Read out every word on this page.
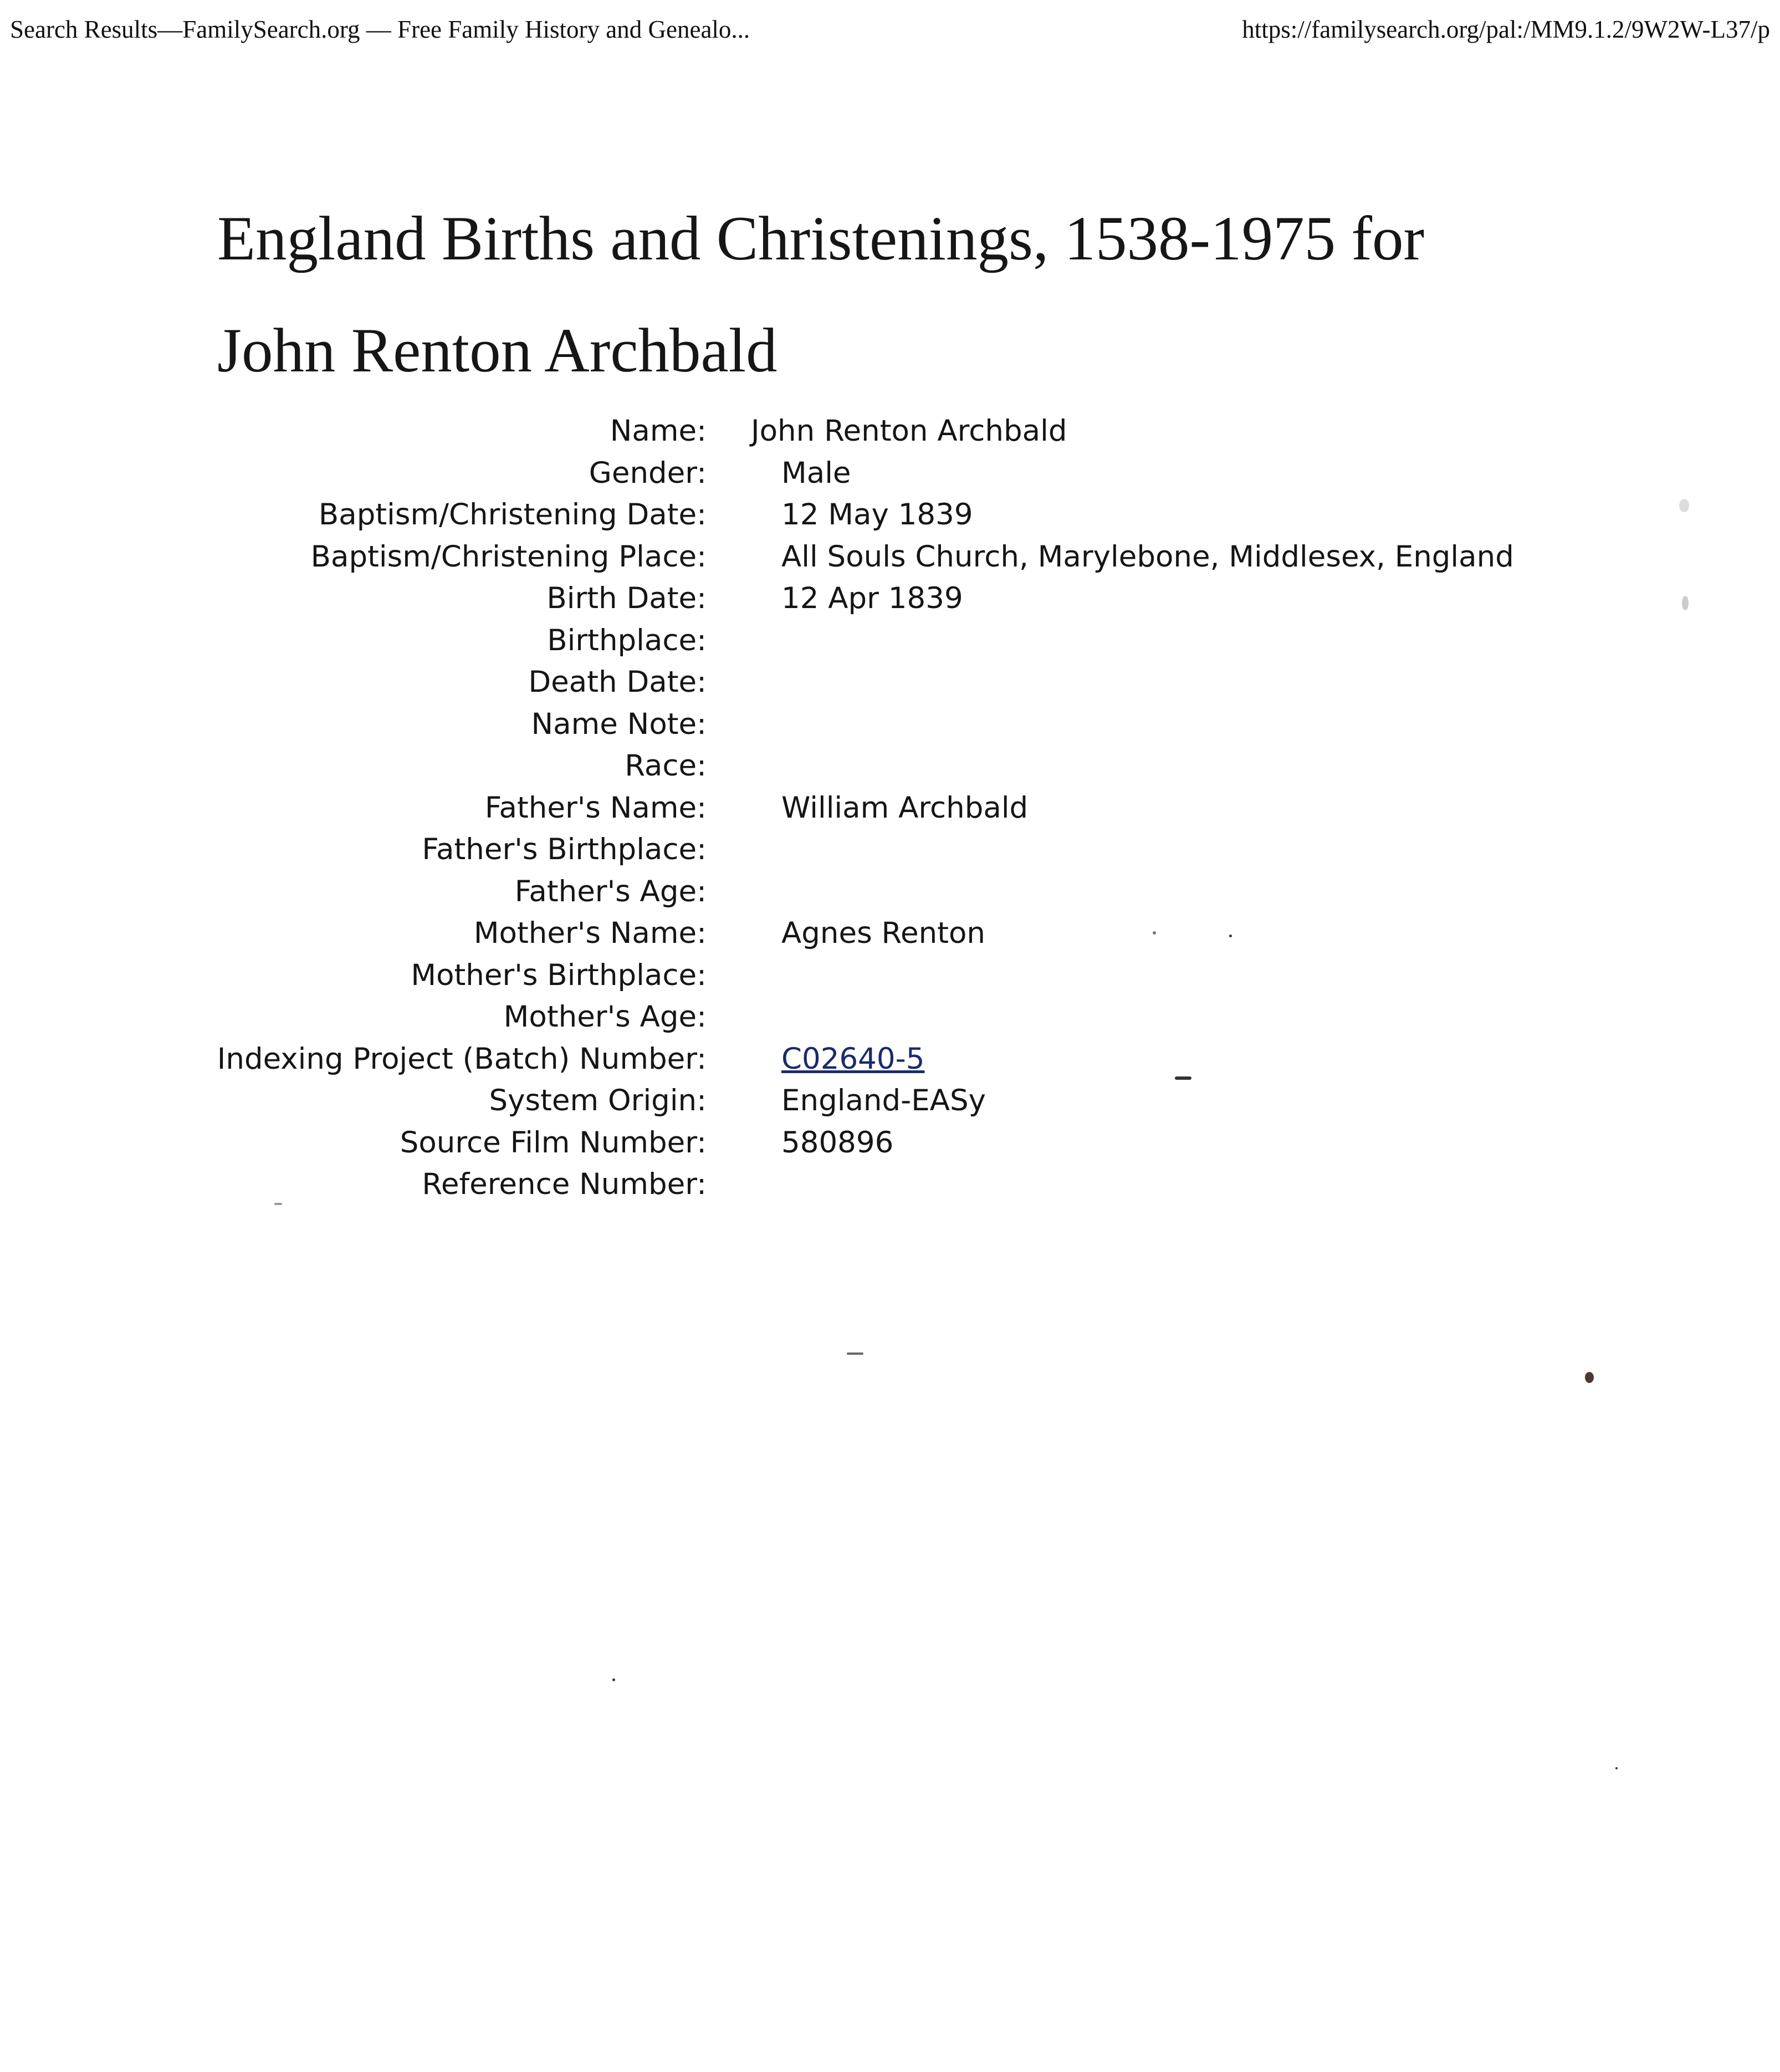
Search Results—FamilySearch.org — Free Family History and Genealo...	https://familysearch.org/pal:/MM9.1.2/9W2W-L37/p
England Births and Christenings, 1538-1975 for
John Renton Archbald
Name: John Renton Archbald
Gender:	Male
Baptism/Christening Date:	12 May 1839
Baptism/Christening Place:	All Souls Church, Marylebone, Middlesex, England
Birth Date:	12 Apr 1839
Birthplace:
Death Date:
Name Note:
Race:
Father's Name:	William Archbald
Father's Birthplace:
Father's Age:
Mother's Name:	Agnes Renton
Mother's Birthplace:
Mother's Age:
Indexing Project (Batch) Number:	C02640-5
System Origin:	England-EASy
Source Film Number:	580896
Reference Number:
